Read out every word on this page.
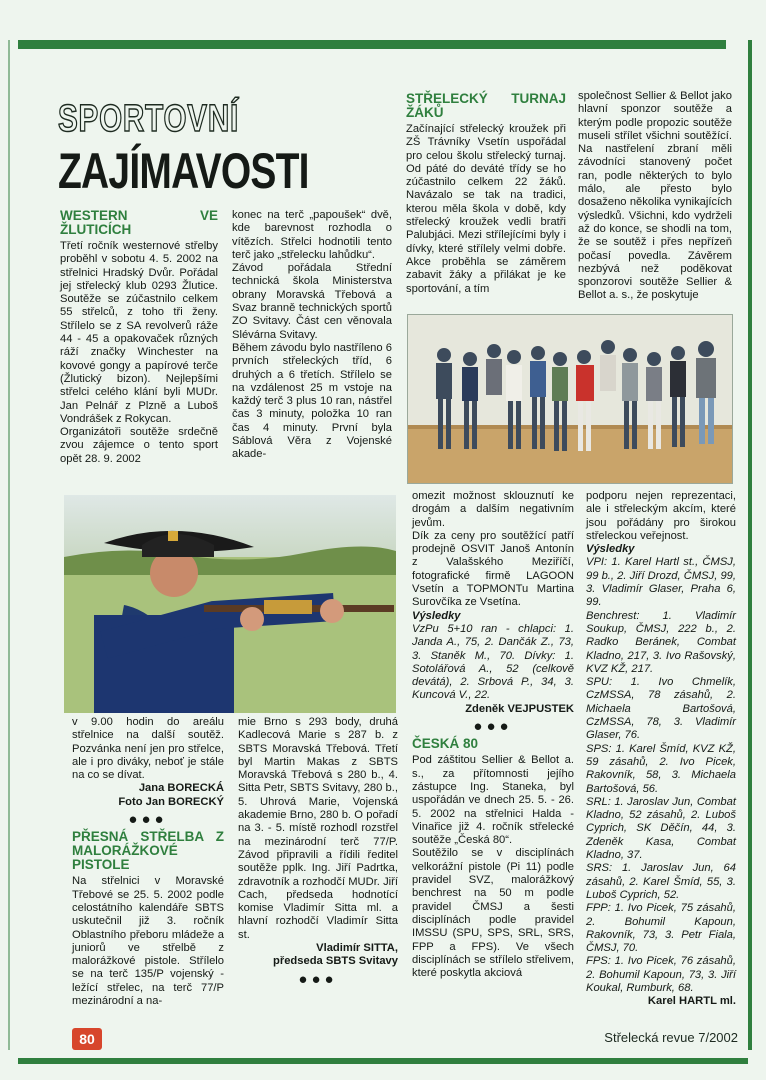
SPORTOVNÍ
ZAJÍMAVOSTI
WESTERN VE ŽLUTICÍCH

Třetí ročník westernové střelby proběhl v sobotu 4. 5. 2002 na střelnici Hradský Dvůr. Pořádal jej střelecký klub 0293 Žlutice. Soutěže se zúčastnilo celkem 55 střelců, z toho tři ženy. Střílelo se z SA revolverů ráže 44 - 45 a opakovaček různých ráží značky Winchester na kovové gongy a papírové terče (Žlutický bizon). Nejlepšími střelci celého klání byli MUDr. Jan Pelnář z Plzně a Luboš Vondrášek z Rokycan.

Organizátoři soutěže srdečně zvou zájemce o tento sport opět 28. 9. 2002

konec na terč „papoušek“ dvě, kde barevnost rozhodla o vítězích. Střelci hodnotili tento terč jako „střelecku lahůdku“.

Závod pořádala Střední technická škola Ministerstva obrany Moravská Třebová a Svaz branně technických sportů ZO Svitavy. Část cen věnovala Slévárna Svitavy.

Během závodu bylo nastříleno 6 prvních střeleckých tříd, 6 druhých a 6 třetích. Střílelo se na vzdálenost 25 m vstoje na každý terč 3 plus 10 ran, nástřel čas 3 minuty, položka 10 ran čas 4 minuty. První byla Sáblová Věra z Vojenské akade-

STŘELECKÝ TURNAJ ŽÁKŮ

Začínající střelecký kroužek při ZŠ Trávníky Vsetín uspořádal pro celou školu střelecký turnaj. Od páté do deváté třídy se ho zúčastnilo celkem 22 žáků. Navázalo se tak na tradici, kterou měla škola v době, kdy střelecký kroužek vedli bratři Palubjáci. Mezi střílejícími byly i dívky, které střílely velmi dobře. Akce proběhla se záměrem zabavit žáky a přilákat je ke sportování, a tím

společnost Sellier & Bellot jako hlavní sponzor soutěže a kterým podle propozic soutěže museli střílet všichni soutěžící. Na nastřelení zbraní měli závodníci stanovený počet ran, podle některých to bylo málo, ale přesto bylo dosaženo několika vynikajících výsledků. Všichni, kdo vydrželi až do konce, se shodli na tom, že se soutěž i přes nepřízeň počasí povedla. Závěrem nezbývá než poděkovat sponzorovi soutěže Sellier & Bellot a. s., že poskytuje

v 9.00 hodin do areálu střelnice na další soutěž. Pozvánka není jen pro střelce, ale i pro diváky, neboť je stále na co se dívat.

Jana BORECKÁ

Foto Jan BORECKÝ

●●●
PŘESNÁ STŘELBA Z MALORÁŽKOVÉ PISTOLE

Na střelnici v Moravské Třebové se 25. 5. 2002 podle celostátního kalendáře SBTS uskutečnil již 3. ročník Oblastního přeboru mládeže a juniorů ve střelbě z malorážkové pistole. Střílelo se na terč 135/P vojenský - ležící střelec, na terč 77/P mezinárodní a na-

mie Brno s 293 body, druhá Kadlecová Marie s 287 b. z SBTS Moravská Třebová. Třetí byl Martin Makas z SBTS Moravská Třebová s 280 b., 4. Sitta Petr, SBTS Svitavy, 280 b., 5. Uhrová Marie, Vojenská akademie Brno, 280 b. O pořadí na 3. - 5. místě rozhodl rozstřel na mezinárodní terč 77/P. Závod připravili a řídili ředitel soutěže pplk. Ing. Jiří Padrtka, zdravotník a rozhodčí MUDr. Jiří Cach, předseda hodnotící komise Vladimír Sitta ml. a hlavní rozhodčí Vladimír Sitta st.

Vladimír SITTA,

předseda SBTS Svitavy

●●●

omezit možnost sklouznutí ke drogám a dalším negativním jevům.

Dík za ceny pro soutěžící patří prodejně OSVIT Janoš Antonín z Valašského Meziříčí, fotografické firmě LAGOON Vsetín a TOPMONTu Martina Surovčíka ze Vsetína.

Výsledky

VzPu 5+10 ran - chlapci: 1. Janda A., 75, 2. Dančák Z., 73, 3. Staněk M., 70. Dívky: 1. Sotolářová A., 52 (celkově devátá), 2. Srbová P., 34, 3. Kuncová V., 22.

Zdeněk VEJPUSTEK

●●●
ČESKÁ 80

Pod záštitou Sellier & Bellot a. s., za přítomnosti jejího zástupce Ing. Staneka, byl uspořádán ve dnech 25. 5. - 26. 5. 2002 na střelnici Halda - Vinařice již 4. ročník střelecké soutěže „Česká 80“.

Soutěžilo se v disciplínách velkorážní pistole (Pi 11) podle pravidel SVZ, malorážkový benchrest na 50 m podle pravidel ČMSJ a šesti disciplínách podle pravidel IMSSU (SPU, SPS, SRL, SRS, FPP a FPS). Ve všech disciplínách se střílelo střelivem, které poskytla akciová

podporu nejen reprezentaci, ale i střeleckým akcím, které jsou pořádány pro širokou střeleckou veřejnost.

Výsledky

VPI: 1. Karel Hartl st., ČMSJ, 99 b., 2. Jiří Drozd, ČMSJ, 99, 3. Vladimír Glaser, Praha 6, 99.

Benchrest: 1. Vladimír Soukup, ČMSJ, 222 b., 2. Radko Beránek, Combat Kladno, 217, 3. Ivo Rašovský, KVZ KŽ, 217.

SPU: 1. Ivo Chmelík, CzMSSA, 78 zásahů, 2. Michaela Bartošová, CzMSSA, 78, 3. Vladimír Glaser, 76.

SPS: 1. Karel Šmíd, KVZ KŽ, 59 zásahů, 2. Ivo Picek, Rakovník, 58, 3. Michaela Bartošová, 56.

SRL: 1. Jaroslav Jun, Combat Kladno, 52 zásahů, 2. Luboš Cyprich, SK Děčín, 44, 3. Zdeněk Kasa, Combat Kladno, 37.

SRS: 1. Jaroslav Jun, 64 zásahů, 2. Karel Šmíd, 55, 3. Luboš Cyprich, 52.

FPP: 1. Ivo Picek, 75 zásahů, 2. Bohumil Kapoun, Rakovník, 73, 3. Petr Fiala, ČMSJ, 70.

FPS: 1. Ivo Picek, 76 zásahů, 2. Bohumil Kapoun, 73, 3. Jiří Koukal, Rumburk, 68.

Karel HARTL ml.

80	Střelecká revue 7/2002
